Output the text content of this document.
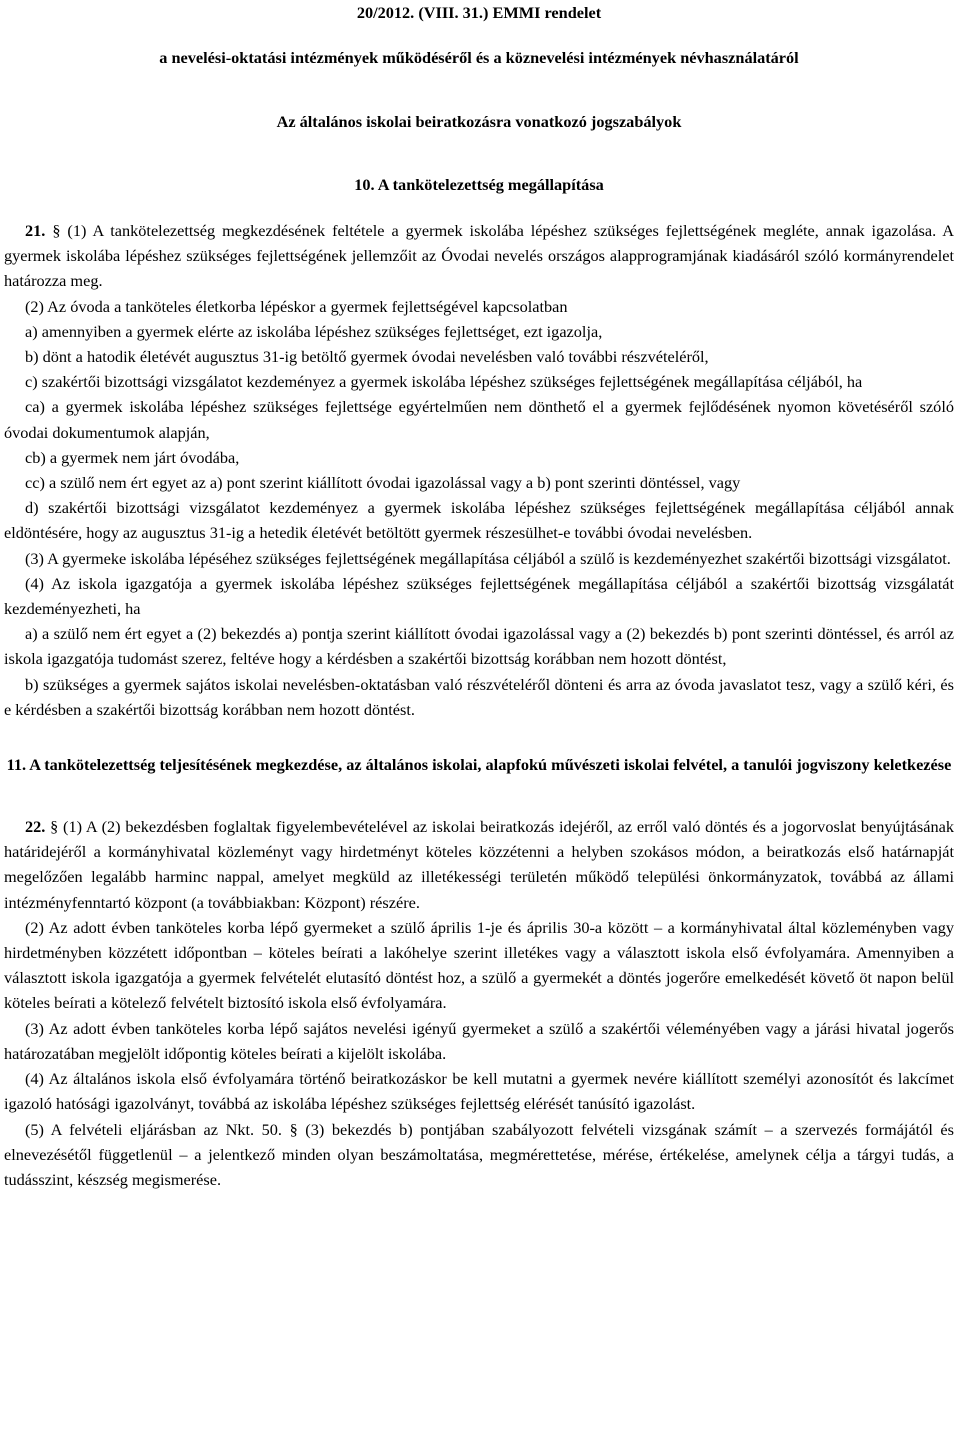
20/2012. (VIII. 31.) EMMI rendelet
a nevelési-oktatási intézmények működéséről és a köznevelési intézmények névhasználatáról
Az általános iskolai beiratkozásra vonatkozó jogszabályok
10. A tankötelezettség megállapítása

21. § (1) A tankötelezettség megkezdésének feltétele a gyermek iskolába lépéshez szükséges fejlettségének megléte, annak igazolása. A gyermek iskolába lépéshez szükséges fejlettségének jellemzőit az Óvodai nevelés országos alapprogramjának kiadásáról szóló kormányrendelet határozza meg.

(2) Az óvoda a tanköteles életkorba lépéskor a gyermek fejlettségével kapcsolatban

a) amennyiben a gyermek elérte az iskolába lépéshez szükséges fejlettséget, ezt igazolja,

b) dönt a hatodik életévét augusztus 31-ig betöltő gyermek óvodai nevelésben való további részvételéről,

c) szakértői bizottsági vizsgálatot kezdeményez a gyermek iskolába lépéshez szükséges fejlettségének megállapítása céljából, ha

ca) a gyermek iskolába lépéshez szükséges fejlettsége egyértelműen nem dönthető el a gyermek fejlődésének nyomon követéséről szóló óvodai dokumentumok alapján,

cb) a gyermek nem járt óvodába,

cc) a szülő nem ért egyet az a) pont szerint kiállított óvodai igazolással vagy a b) pont szerinti döntéssel, vagy

d) szakértői bizottsági vizsgálatot kezdeményez a gyermek iskolába lépéshez szükséges fejlettségének megállapítása céljából annak eldöntésére, hogy az augusztus 31-ig a hetedik életévét betöltött gyermek részesülhet-e további óvodai nevelésben.

(3) A gyermeke iskolába lépéséhez szükséges fejlettségének megállapítása céljából a szülő is kezdeményezhet szakértői bizottsági vizsgálatot.

(4) Az iskola igazgatója a gyermek iskolába lépéshez szükséges fejlettségének megállapítása céljából a szakértői bizottság vizsgálatát kezdeményezheti, ha

a) a szülő nem ért egyet a (2) bekezdés a) pontja szerint kiállított óvodai igazolással vagy a (2) bekezdés b) pont szerinti döntéssel, és arról az iskola igazgatója tudomást szerez, feltéve hogy a kérdésben a szakértői bizottság korábban nem hozott döntést,

b) szükséges a gyermek sajátos iskolai nevelésben-oktatásban való részvételéről dönteni és arra az óvoda javaslatot tesz, vagy a szülő kéri, és e kérdésben a szakértői bizottság korábban nem hozott döntést.

11. A tankötelezettség teljesítésének megkezdése, az általános iskolai, alapfokú művészeti iskolai felvétel, a tanulói jogviszony keletkezése

22. § (1) A (2) bekezdésben foglaltak figyelembevételével az iskolai beiratkozás idejéről, az erről való döntés és a jogorvoslat benyújtásának határidejéről a kormányhivatal közleményt vagy hirdetményt köteles közzétenni a helyben szokásos módon, a beiratkozás első határnapját megelőzően legalább harminc nappal, amelyet megküld az illetékességi területén működő települési önkormányzatok, továbbá az állami intézményfenntartó központ (a továbbiakban: Központ) részére.

(2) Az adott évben tanköteles korba lépő gyermeket a szülő április 1-je és április 30-a között – a kormányhivatal által közleményben vagy hirdetményben közzétett időpontban – köteles beírati a lakóhelye szerint illetékes vagy a választott iskola első évfolyamára. Amennyiben a választott iskola igazgatója a gyermek felvételét elutasító döntést hoz, a szülő a gyermekét a döntés jogerőre emelkedését követő öt napon belül köteles beírati a kötelező felvételt biztosító iskola első évfolyamára.

(3) Az adott évben tanköteles korba lépő sajátos nevelési igényű gyermeket a szülő a szakértői véleményében vagy a járási hivatal jogerős határozatában megjelölt időpontig köteles beírati a kijelölt iskolába.

(4) Az általános iskola első évfolyamára történő beiratkozáskor be kell mutatni a gyermek nevére kiállított személyi azonosítót és lakcímet igazoló hatósági igazolványt, továbbá az iskolába lépéshez szükséges fejlettség elérését tanúsító igazolást.

(5) A felvételi eljárásban az Nkt. 50. § (3) bekezdés b) pontjában szabályozott felvételi vizsgának számít – a szervezés formájától és elnevezésétől függetlenül – a jelentkező minden olyan beszámoltatása, megmérettetése, mérése, értékelése, amelynek célja a tárgyi tudás, a tudásszint, készség megismerése.
